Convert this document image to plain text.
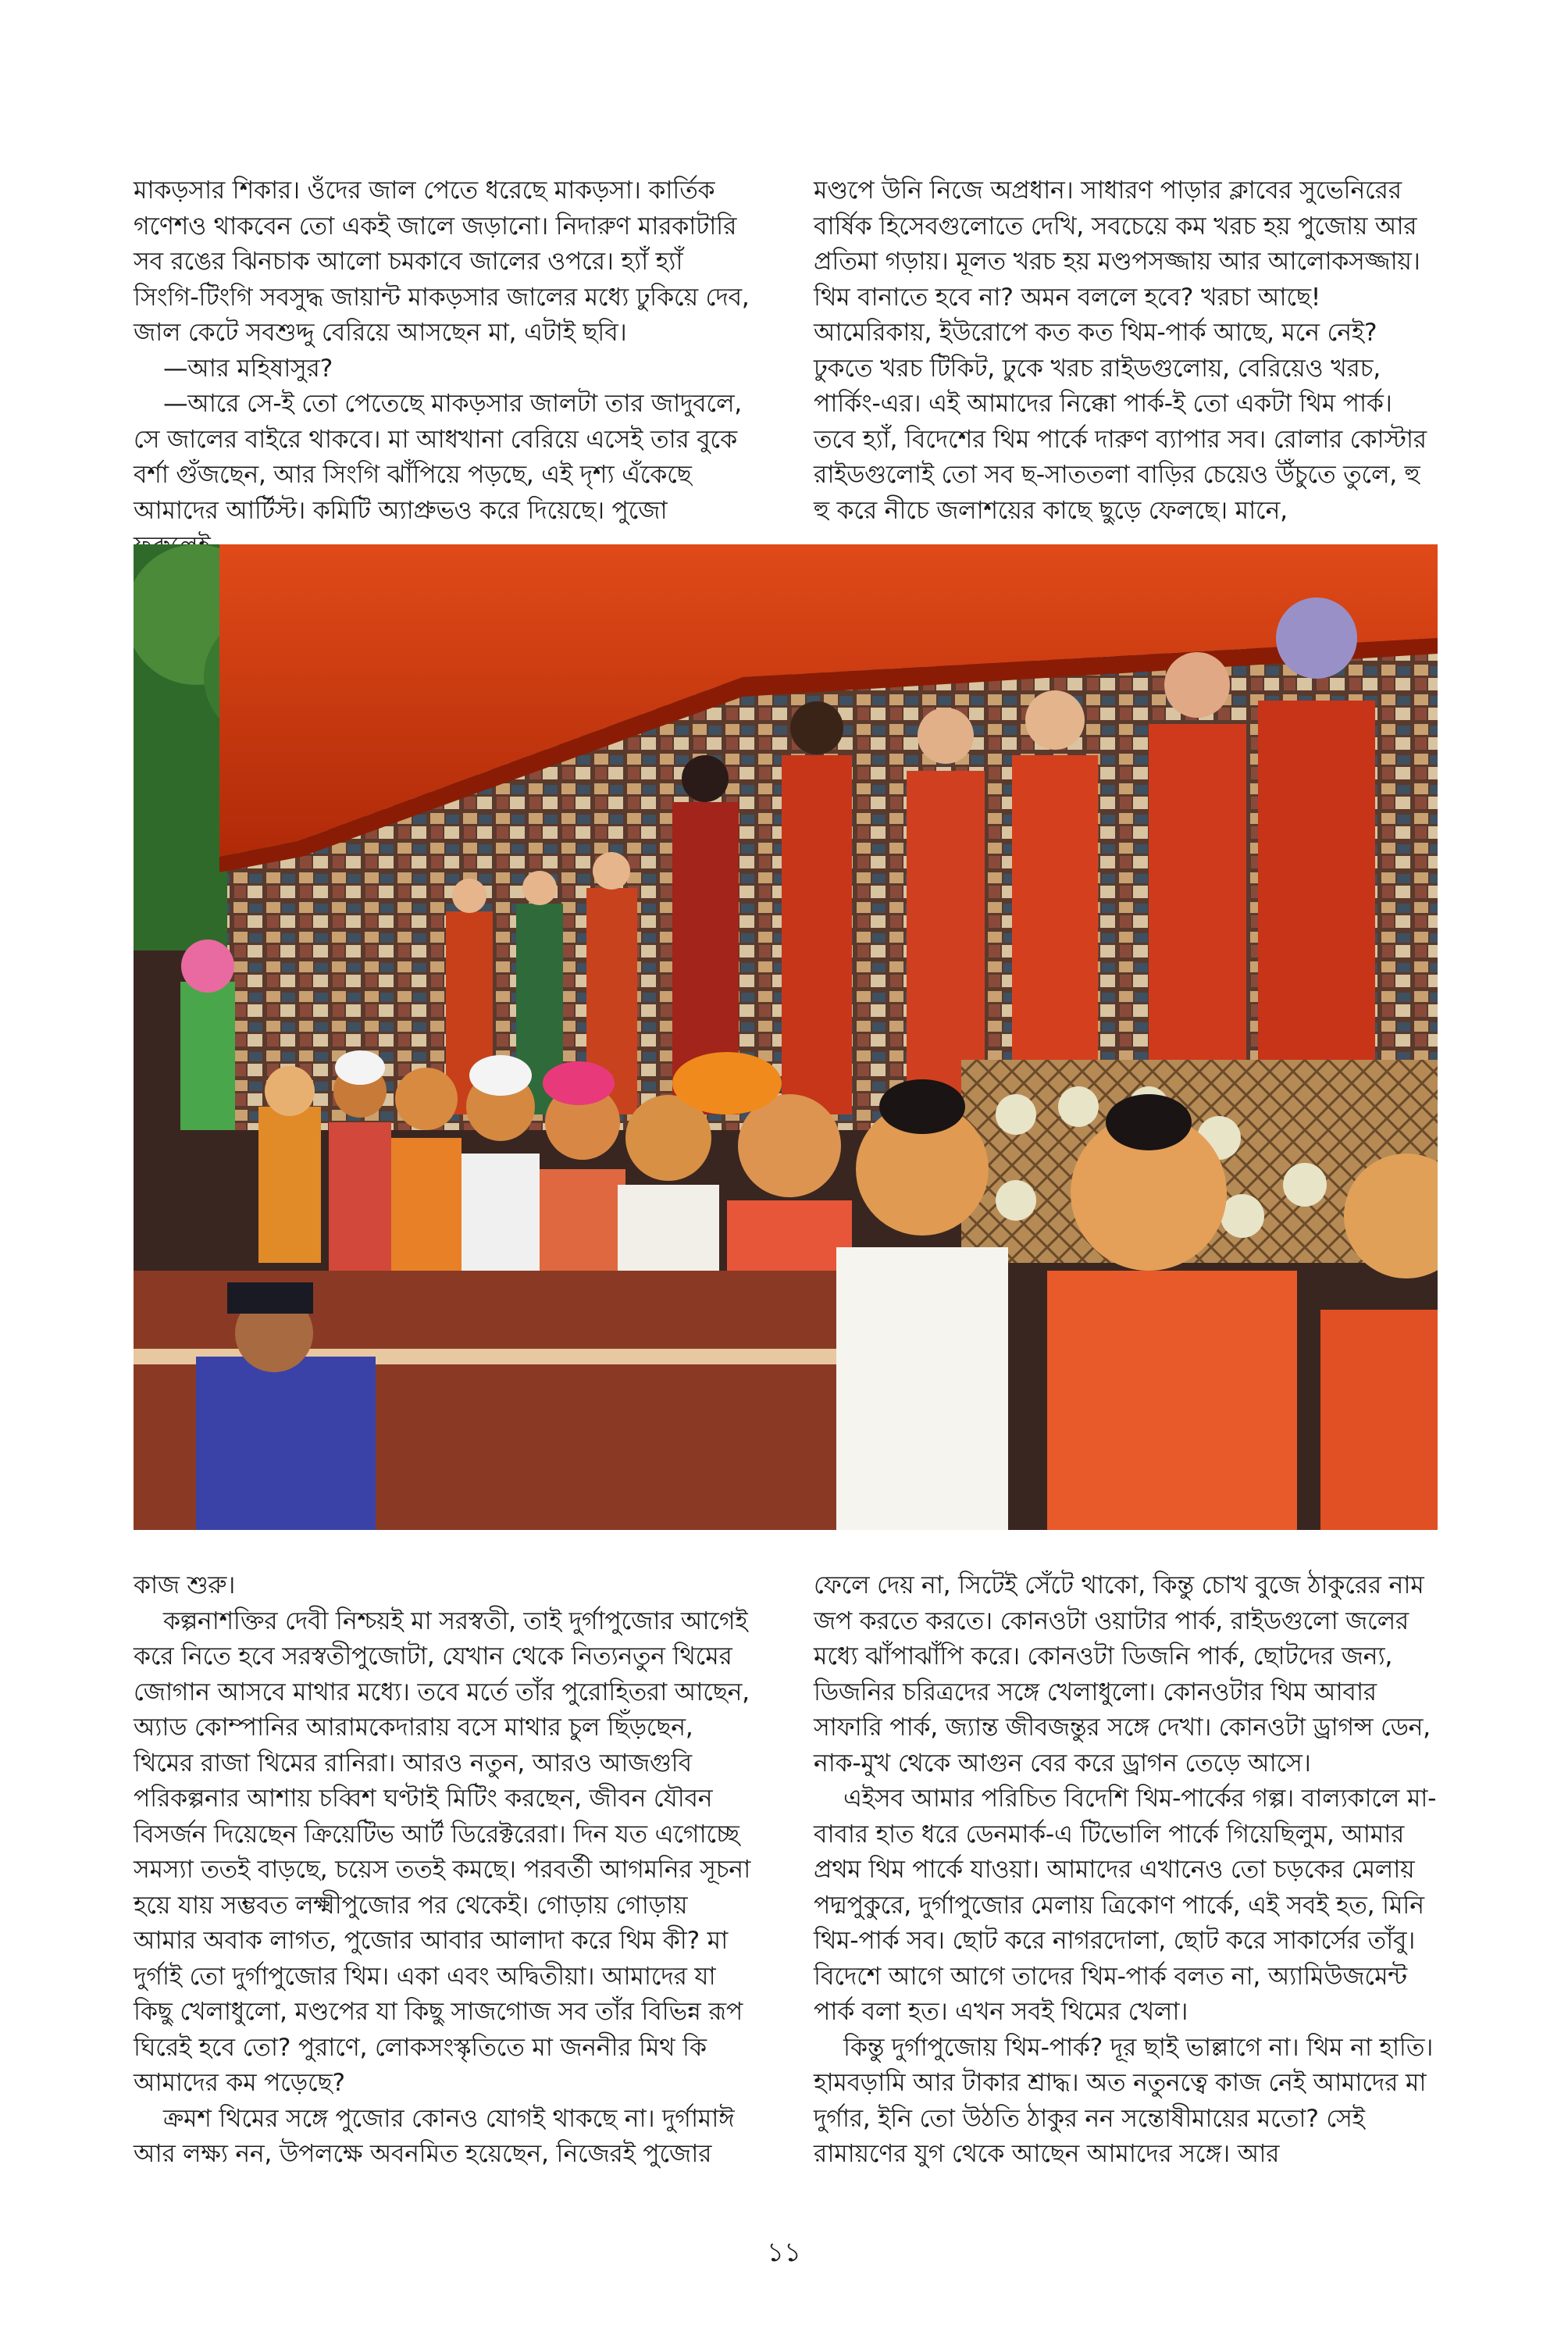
মাকড়সার শিকার। ওঁদের জাল পেতে ধরেছে মাকড়সা। কার্তিক গণেশও থাকবেন তো একই জালে জড়ানো। নিদারুণ মারকাটারি সব রঙের ঝিনচাক আলো চমকাবে জালের ওপরে। হ্যাঁ হ্যাঁ সিংগি-টিংগি সবসুদ্ধ জায়ান্ট মাকড়সার জালের মধ্যে ঢুকিয়ে দেব, জাল কেটে সবশুদ্দু বেরিয়ে আসছেন মা, এটাই ছবি।

—আর মহিষাসুর?

—আরে সে-ই তো পেতেছে মাকড়সার জালটা তার জাদুবলে, সে জালের বাইরে থাকবে। মা আধখানা বেরিয়ে এসেই তার বুকে বর্শা গুঁজছেন, আর সিংগি ঝাঁপিয়ে পড়ছে, এই দৃশ্য এঁকেছে আমাদের আর্টিস্ট। কমিটি অ্যাপ্রুভও করে দিয়েছে। পুজো

মণ্ডপে উনি নিজে অপ্রধান। সাধারণ পাড়ার ক্লাবের সুভেনিরের বার্ষিক হিসেবগুলোতে দেখি, সবচেয়ে কম খরচ হয় পুজোয় আর প্রতিমা গড়ায়। মূলত খরচ হয় মণ্ডপসজ্জায় আর আলোকসজ্জায়। থিম বানাতে হবে না? অমন বললে হবে? খরচা আছে! আমেরিকায়, ইউরোপে কত কত থিম-পার্ক আছে, মনে নেই? ঢুকতে খরচ টিকিট, ঢুকে খরচ রাইডগুলোয়, বেরিয়েও খরচ, পার্কিং-এর। এই আমাদের নিক্কো পার্ক-ই তো একটা থিম পার্ক। তবে হ্যাঁ, বিদেশের থিম পার্কে দারুণ ব্যাপার সব। রোলার কোস্টার রাইডগুলোই তো সব ছ-সাততলা বাড়ির চেয়েও উঁচুতে তুলে, হু হু করে নীচে জলাশয়ের কাছে ছুড়ে ফেলছে। মানে,

কাজ শুরু।

কল্পনাশক্তির দেবী নিশ্চয়ই মা সরস্বতী, তাই দুর্গাপুজোর আগেই করে নিতে হবে সরস্বতীপুজোটা, যেখান থেকে নিত্যনতুন থিমের জোগান আসবে মাথার মধ্যে। তবে মর্তে তাঁর পুরোহিতরা আছেন, অ্যাড কোম্পানির আরামকেদারায় বসে মাথার চুল ছিঁড়ছেন, থিমের রাজা থিমের রানিরা। আরও নতুন, আরও আজগুবি পরিকল্পনার আশায় চব্বিশ ঘণ্টাই মিটিং করছেন, জীবন যৌবন বিসর্জন দিয়েছেন ক্রিয়েটিভ আর্ট ডিরেক্টরেরা। দিন যত এগোচ্ছে সমস্যা ততই বাড়ছে, চয়েস ততই কমছে। পরবর্তী আগমনির সূচনা হয়ে যায় সম্ভবত লক্ষ্মীপুজোর পর থেকেই। গোড়ায় গোড়ায় আমার অবাক লাগত, পুজোর আবার আলাদা করে থিম কী? মা দুর্গাই তো দুর্গাপুজোর থিম। একা এবং অদ্বিতীয়া। আমাদের যা কিছু খেলাধুলো, মণ্ডপের যা কিছু সাজগোজ সব তাঁর বিভিন্ন রূপ ঘিরেই হবে তো? পুরাণে, লোকসংস্কৃতিতে মা জননীর মিথ কি আমাদের কম পড়েছে?

ক্রমশ থিমের সঙ্গে পুজোর কোনও যোগই থাকছে না। দুর্গামাঈ আর লক্ষ্য নন, উপলক্ষে অবনমিত হয়েছেন, নিজেরই পুজোর

ফেলে দেয় না, সিটেই সেঁটে থাকো, কিন্তু চোখ বুজে ঠাকুরের নাম জপ করতে করতে। কোনওটা ওয়াটার পার্ক, রাইডগুলো জলের মধ্যে ঝাঁপাঝাঁপি করে। কোনওটা ডিজনি পার্ক, ছোটদের জন্য, ডিজনির চরিত্রদের সঙ্গে খেলাধুলো। কোনওটার থিম আবার সাফারি পার্ক, জ্যান্ত জীবজন্তুর সঙ্গে দেখা। কোনওটা ড্রাগন্স ডেন, নাক-মুখ থেকে আগুন বের করে ড্রাগন তেড়ে আসে।

এইসব আমার পরিচিত বিদেশি থিম-পার্কের গল্প। বাল্যকালে মা-বাবার হাত ধরে ডেনমার্ক-এ টিভোলি পার্কে গিয়েছিলুম, আমার প্রথম থিম পার্কে যাওয়া। আমাদের এখানেও তো চড়কের মেলায় পদ্মপুকুরে, দুর্গাপুজোর মেলায় ত্রিকোণ পার্কে, এই সবই হত, মিনি থিম-পার্ক সব। ছোট করে নাগরদোলা, ছোট করে সাকার্সের তাঁবু। বিদেশে আগে আগে তাদের থিম-পার্ক বলত না, অ্যামিউজমেন্ট পার্ক বলা হত। এখন সবই থিমের খেলা।

কিন্তু দুর্গাপুজোয় থিম-পার্ক? দূর ছাই ভাল্লাগে না। থিম না হাতি। হামবড়ামি আর টাকার শ্রাদ্ধ। অত নতুনত্বে কাজ নেই আমাদের মা দুর্গার, ইনি তো উঠতি ঠাকুর নন সন্তোষীমায়ের মতো? সেই রামায়ণের যুগ থেকে আছেন আমাদের সঙ্গে। আর

১১
